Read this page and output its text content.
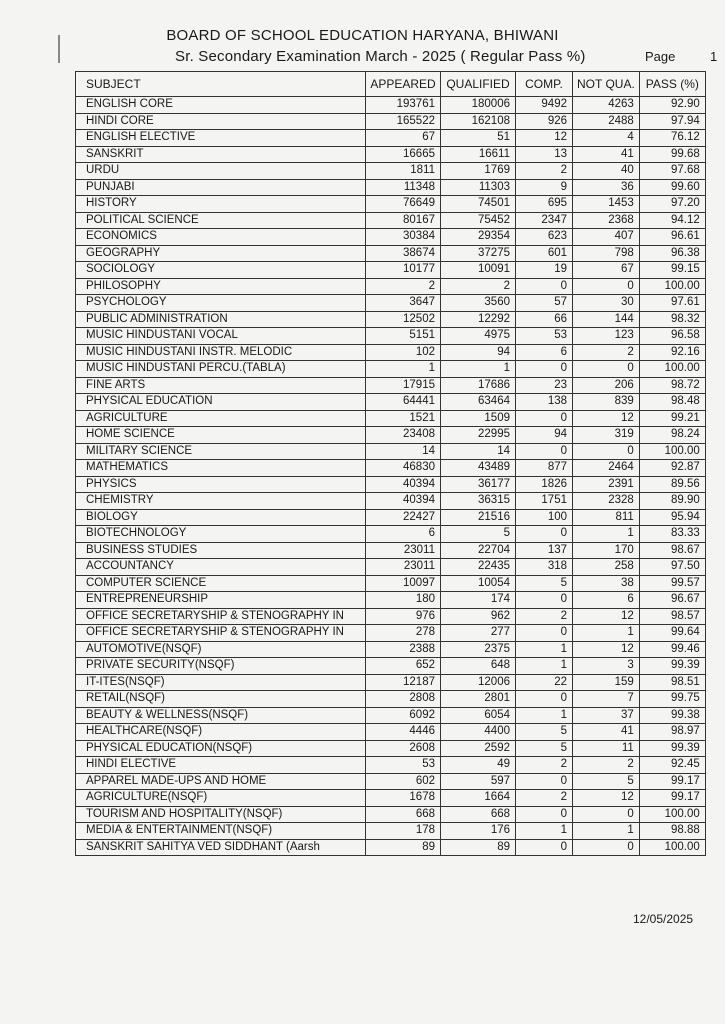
BOARD OF SCHOOL EDUCATION HARYANA, BHIWANI
Sr. Secondary Examination March - 2025 ( Regular Pass %)	Page	1
SUBJECT	APPEARED	QUALIFIED	COMP.	NOT QUA.	PASS (%)
ENGLISH CORE	193761	180006	9492	4263	92.90
HINDI CORE	165522	162108	926	2488	97.94
ENGLISH ELECTIVE	67	51	12	4	76.12
SANSKRIT	16665	16611	13	41	99.68
URDU	1811	1769	2	40	97.68
PUNJABI	11348	11303	9	36	99.60
HISTORY	76649	74501	695	1453	97.20
POLITICAL SCIENCE	80167	75452	2347	2368	94.12
ECONOMICS	30384	29354	623	407	96.61
GEOGRAPHY	38674	37275	601	798	96.38
SOCIOLOGY	10177	10091	19	67	99.15
PHILOSOPHY	2	2	0	0	100.00
PSYCHOLOGY	3647	3560	57	30	97.61
PUBLIC ADMINISTRATION	12502	12292	66	144	98.32
MUSIC HINDUSTANI VOCAL	5151	4975	53	123	96.58
MUSIC HINDUSTANI INSTR. MELODIC	102	94	6	2	92.16
MUSIC HINDUSTANI PERCU.(TABLA)	1	1	0	0	100.00
FINE ARTS	17915	17686	23	206	98.72
PHYSICAL EDUCATION	64441	63464	138	839	98.48
AGRICULTURE	1521	1509	0	12	99.21
HOME SCIENCE	23408	22995	94	319	98.24
MILITARY SCIENCE	14	14	0	0	100.00
MATHEMATICS	46830	43489	877	2464	92.87
PHYSICS	40394	36177	1826	2391	89.56
CHEMISTRY	40394	36315	1751	2328	89.90
BIOLOGY	22427	21516	100	811	95.94
BIOTECHNOLOGY	6	5	0	1	83.33
BUSINESS STUDIES	23011	22704	137	170	98.67
ACCOUNTANCY	23011	22435	318	258	97.50
COMPUTER SCIENCE	10097	10054	5	38	99.57
ENTREPRENEURSHIP	180	174	0	6	96.67
OFFICE SECRETARYSHIP & STENOGRAPHY IN	976	962	2	12	98.57
OFFICE SECRETARYSHIP & STENOGRAPHY IN	278	277	0	1	99.64
AUTOMOTIVE(NSQF)	2388	2375	1	12	99.46
PRIVATE SECURITY(NSQF)	652	648	1	3	99.39
IT-ITES(NSQF)	12187	12006	22	159	98.51
RETAIL(NSQF)	2808	2801	0	7	99.75
BEAUTY & WELLNESS(NSQF)	6092	6054	1	37	99.38
HEALTHCARE(NSQF)	4446	4400	5	41	98.97
PHYSICAL EDUCATION(NSQF)	2608	2592	5	11	99.39
HINDI ELECTIVE	53	49	2	2	92.45
APPAREL MADE-UPS AND HOME	602	597	0	5	99.17
AGRICULTURE(NSQF)	1678	1664	2	12	99.17
TOURISM AND HOSPITALITY(NSQF)	668	668	0	0	100.00
MEDIA & ENTERTAINMENT(NSQF)	178	176	1	1	98.88
SANSKRIT SAHITYA VED SIDDHANT (Aarsh	89	89	0	0	100.00
12/05/2025
